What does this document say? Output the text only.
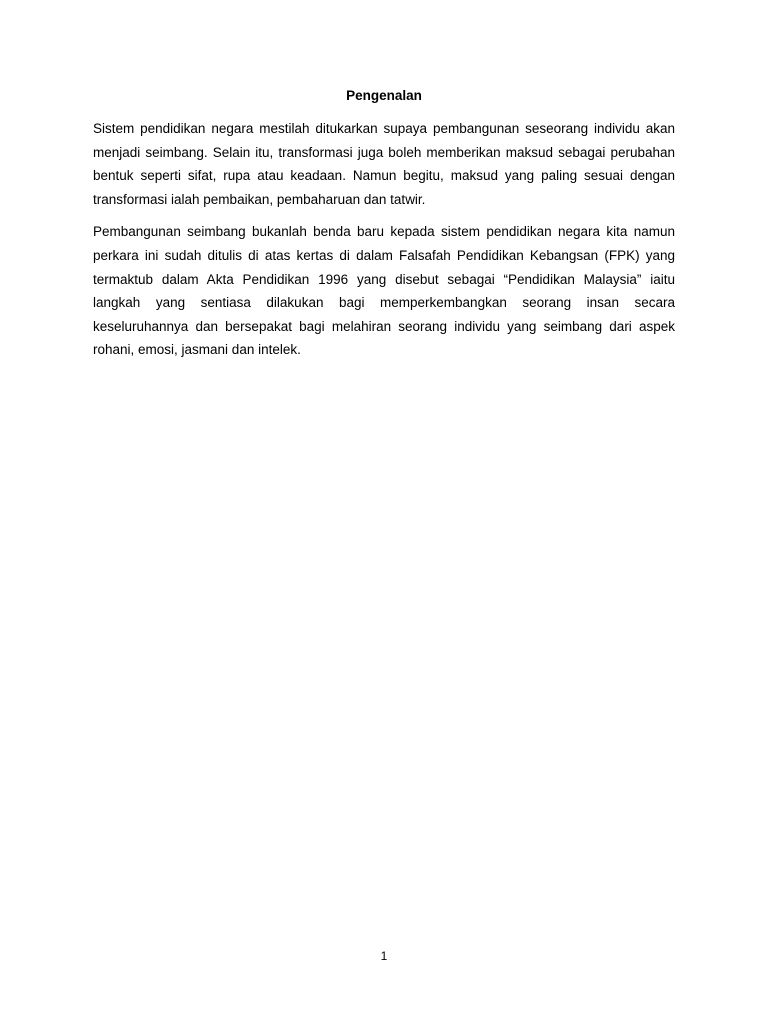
Pengenalan

Sistem pendidikan negara mestilah ditukarkan supaya pembangunan seseorang individu akan menjadi seimbang. Selain itu, transformasi juga boleh memberikan maksud sebagai perubahan bentuk seperti sifat, rupa atau keadaan. Namun begitu, maksud yang paling sesuai dengan transformasi ialah pembaikan, pembaharuan dan tatwir.

Pembangunan seimbang bukanlah benda baru kepada sistem pendidikan negara kita namun perkara ini sudah ditulis di atas kertas di dalam Falsafah Pendidikan Kebangsan (FPK) yang termaktub dalam Akta Pendidikan 1996 yang disebut sebagai “Pendidikan Malaysia” iaitu langkah yang sentiasa dilakukan bagi memperkembangkan seorang insan secara keseluruhannya dan bersepakat bagi melahiran seorang individu yang seimbang dari aspek rohani, emosi, jasmani dan intelek.

1
